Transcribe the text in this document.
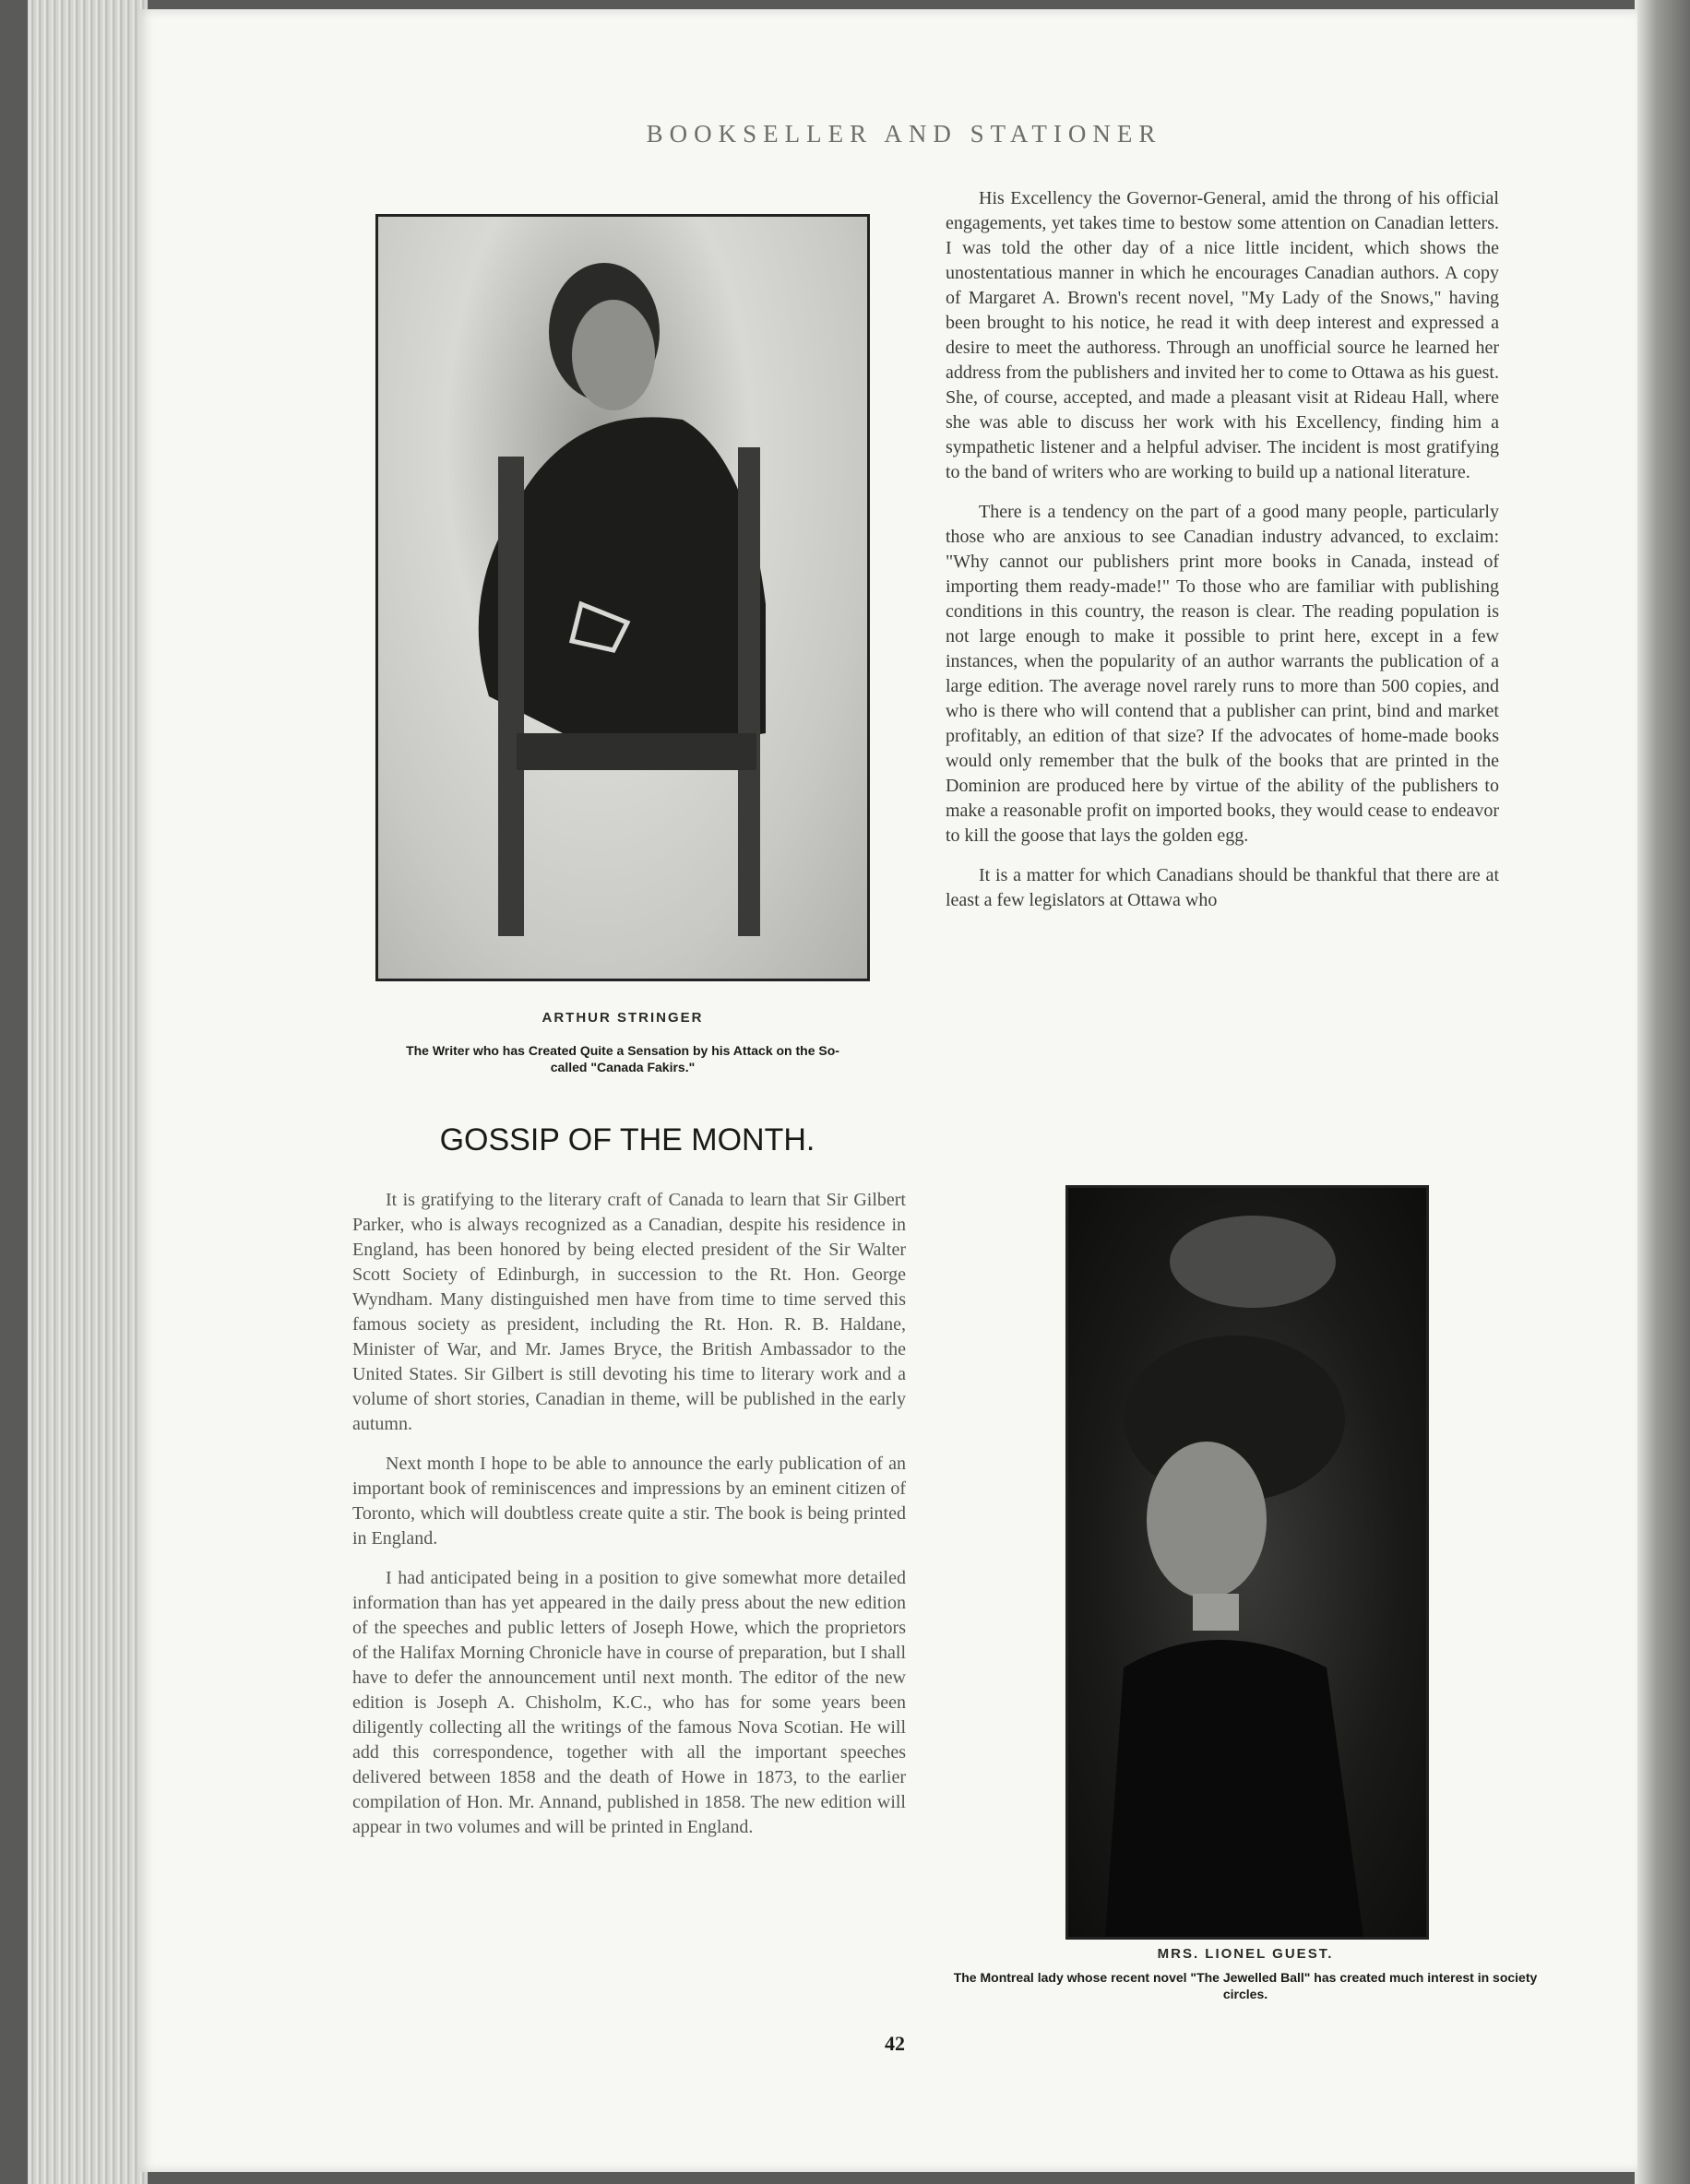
BOOKSELLER AND STATIONER
ARTHUR STRINGER
The Writer who has Created Quite a Sensation by his Attack on the So-called "Canada Fakirs."
GOSSIP OF THE MONTH.

It is gratifying to the literary craft of Canada to learn that Sir Gilbert Parker, who is always recognized as a Canadian, despite his residence in England, has been honored by being elected president of the Sir Walter Scott Society of Edinburgh, in succession to the Rt. Hon. George Wyndham. Many distinguished men have from time to time served this famous society as president, including the Rt. Hon. R. B. Haldane, Minister of War, and Mr. James Bryce, the British Ambassador to the United States. Sir Gilbert is still devoting his time to literary work and a volume of short stories, Canadian in theme, will be published in the early autumn.

Next month I hope to be able to announce the early publication of an important book of reminiscences and impressions by an eminent citizen of Toronto, which will doubtless create quite a stir. The book is being printed in England.

I had anticipated being in a position to give somewhat more detailed information than has yet appeared in the daily press about the new edition of the speeches and public letters of Joseph Howe, which the proprietors of the Halifax Morning Chronicle have in course of preparation, but I shall have to defer the announcement until next month. The editor of the new edition is Joseph A. Chisholm, K.C., who has for some years been diligently collecting all the writings of the famous Nova Scotian. He will add this correspondence, together with all the important speeches delivered between 1858 and the death of Howe in 1873, to the earlier compilation of Hon. Mr. Annand, published in 1858. The new edition will appear in two volumes and will be printed in England.

His Excellency the Governor-General, amid the throng of his official engagements, yet takes time to bestow some attention on Canadian letters. I was told the other day of a nice little incident, which shows the unostentatious manner in which he encourages Canadian authors. A copy of Margaret A. Brown's recent novel, "My Lady of the Snows," having been brought to his notice, he read it with deep interest and expressed a desire to meet the authoress. Through an unofficial source he learned her address from the publishers and invited her to come to Ottawa as his guest. She, of course, accepted, and made a pleasant visit at Rideau Hall, where she was able to discuss her work with his Excellency, finding him a sympathetic listener and a helpful adviser. The incident is most gratifying to the band of writers who are working to build up a national literature.

There is a tendency on the part of a good many people, particularly those who are anxious to see Canadian industry advanced, to exclaim: "Why cannot our publishers print more books in Canada, instead of importing them ready-made!" To those who are familiar with publishing conditions in this country, the reason is clear. The reading population is not large enough to make it possible to print here, except in a few instances, when the popularity of an author warrants the publication of a large edition. The average novel rarely runs to more than 500 copies, and who is there who will contend that a publisher can print, bind and market profitably, an edition of that size? If the advocates of home-made books would only remember that the bulk of the books that are printed in the Dominion are produced here by virtue of the ability of the publishers to make a reasonable profit on imported books, they would cease to endeavor to kill the goose that lays the golden egg.

It is a matter for which Canadians should be thankful that there are at least a few legislators at Ottawa who

MRS. LIONEL GUEST.
The Montreal lady whose recent novel "The Jewelled Ball" has created much interest in society circles.
42
